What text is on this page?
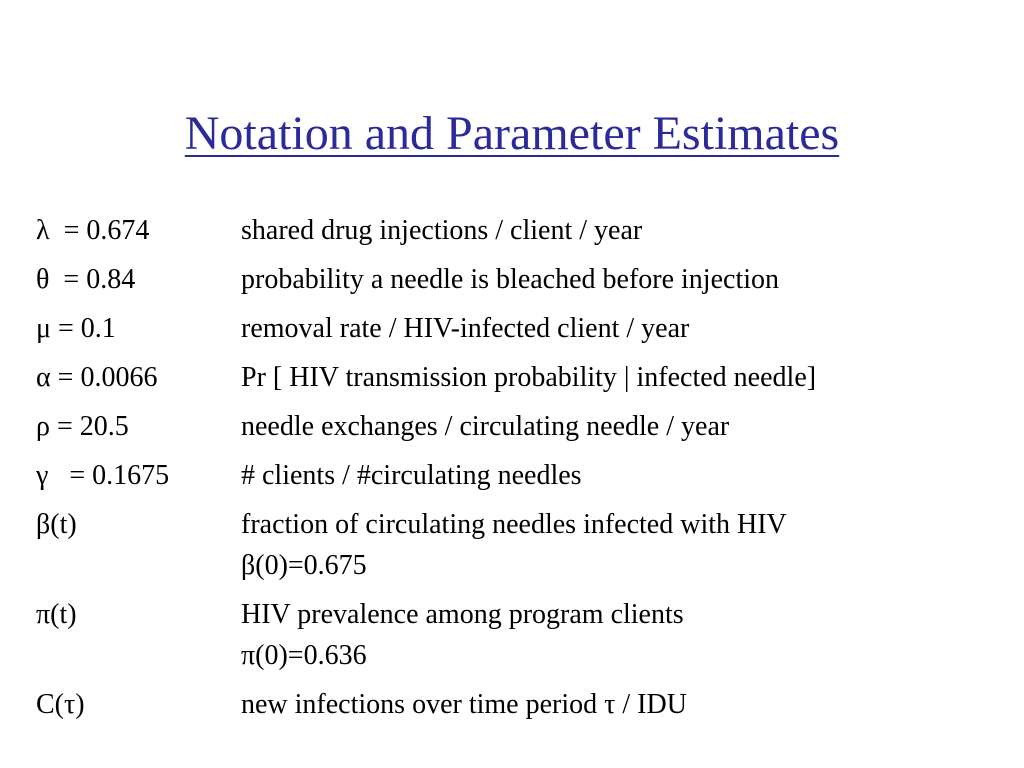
Notation and Parameter Estimates
λ  = 0.674	shared drug injections / client / year
θ  = 0.84	probability a needle is bleached before injection
μ = 0.1	removal rate / HIV-infected client / year
α = 0.0066	Pr [ HIV transmission probability | infected needle]
ρ = 20.5	needle exchanges / circulating needle / year
γ   = 0.1675	# clients / #circulating needles
β(t)	fraction of circulating needles infected with HIV
β(0)=0.675
π(t)	HIV prevalence among program clients
π(0)=0.636
C(τ)	new infections over time period τ / IDU
